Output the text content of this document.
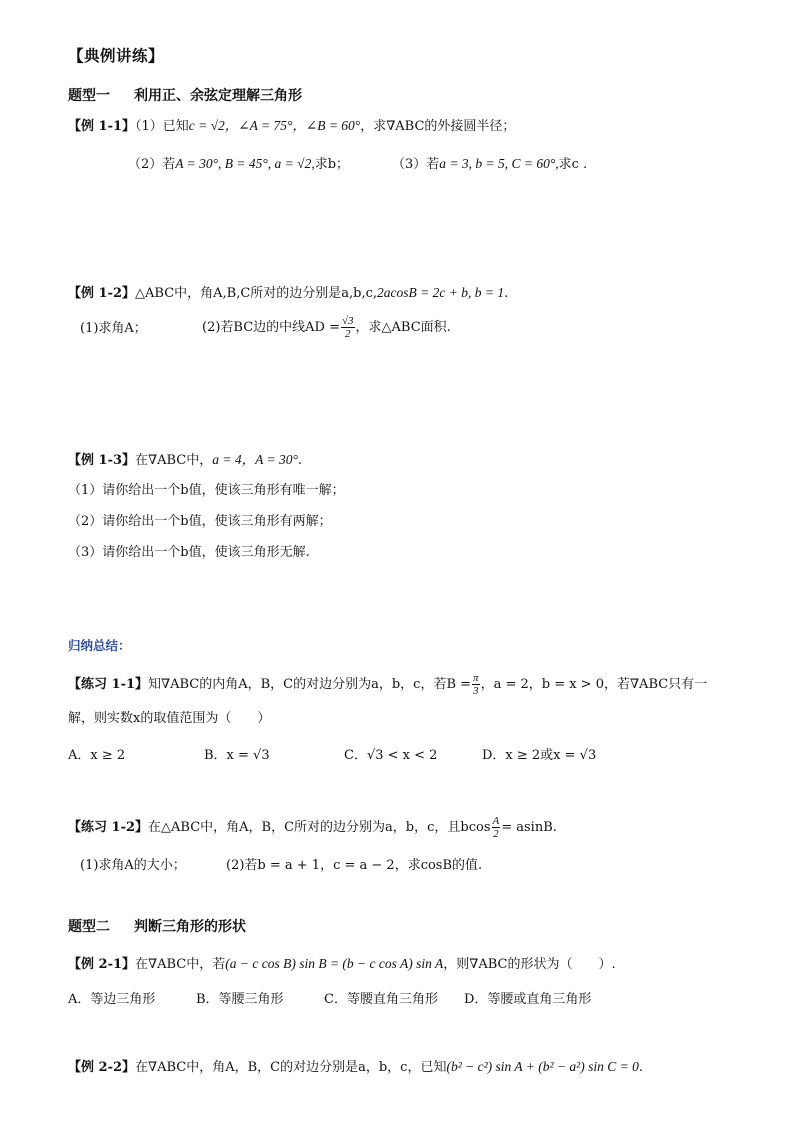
【典例讲练】
题型一 利用正、余弦定理解三角形
【例 1-1】（1）已知c = √2，∠A = 75°，∠B = 60°，求∇ABC的外接圆半径；
（2）若A = 30°, B = 45°, a = √2,求b；	（3）若a = 3, b = 5, C = 60°,求c .
【例 1-2】△ABC中，角A,B,C所对的边分别是a,b,c,2acosB = 2c + b, b = 1.
(1)求角A；	(2)若BC边的中线AD = $\frac{√3}{2}$ ，求△ABC面积.
【例 1-3】在∇ABC中，a = 4，A = 30°.
（1）请你给出一个b值，使该三角形有唯一解；
（2）请你给出一个b值，使该三角形有两解；
（3）请你给出一个b值，使该三角形无解.
归纳总结：
【练习 1-1】知∇ABC的内角A，B，C的对边分别为a，b，c，若$B = \frac{\pi}{3}$ ，a = 2，b = x > 0，若∇ABC只有一
解，则实数x的取值范围为（　　）
A．x ≥ 2	B．x = √3	C．√3 < x < 2	D．x ≥ 2或x = √3
【练习 1-2】在△ABC中，角A，B，C所对的边分别为a，b，c，且bcos $\frac{A}{2} = asinB$.
(1)求角A的大小；	(2)若b = a + 1，c = a − 2，求cosB的值.
题型二 判断三角形的形状
【例 2-1】在∇ABC中，若(a − c cos B) sin B = (b − c cos A) sin A，则∇ABC的形状为（　　）.
A．等边三角形	B．等腰三角形	C．等腰直角三角形 D．等腰或直角三角形
【例 2-2】在∇ABC中，角A，B，C的对边分别是a，b，c，已知(b² − c²) sin A + (b² − a²) sin C = 0.
